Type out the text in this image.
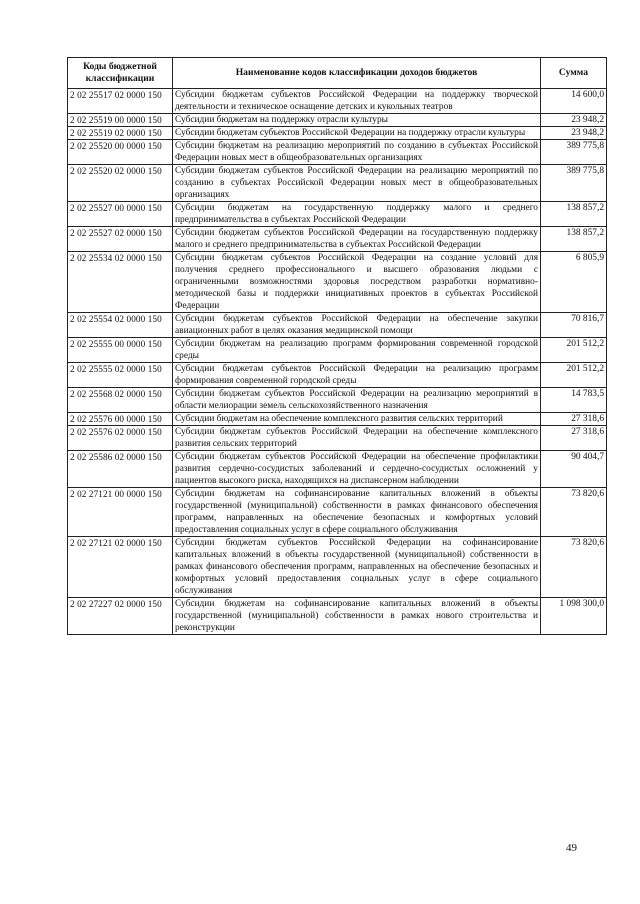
Коды бюджетной классификации	Наименование кодов классификации доходов бюджетов	Сумма
2 02 25517 02 0000 150	Субсидии бюджетам субъектов Российской Федерации на поддержку творческой деятельности и техническое оснащение детских и кукольных театров	14 600,0
2 02 25519 00 0000 150	Субсидии бюджетам на поддержку отрасли культуры	23 948,2
2 02 25519 02 0000 150	Субсидии бюджетам субъектов Российской Федерации на поддержку отрасли культуры	23 948,2
2 02 25520 00 0000 150	Субсидии бюджетам на реализацию мероприятий по созданию в субъектах Российской Федерации новых мест в общеобразовательных организациях	389 775,8
2 02 25520 02 0000 150	Субсидии бюджетам субъектов Российской Федерации на реализацию мероприятий по созданию в субъектах Российской Федерации новых мест в общеобразовательных организациях	389 775,8
2 02 25527 00 0000 150	Субсидии бюджетам на государственную поддержку малого и среднего предпринимательства в субъектах Российской Федерации	138 857,2
2 02 25527 02 0000 150	Субсидии бюджетам субъектов Российской Федерации на государственную поддержку малого и среднего предпринимательства в субъектах Российской Федерации	138 857,2
2 02 25534 02 0000 150	Субсидии бюджетам субъектов Российской Федерации на создание условий для получения среднего профессионального и высшего образования людьми с ограниченными возможностями здоровья посредством разработки нормативно-методической базы и поддержки инициативных проектов в субъектах Российской Федерации	6 805,9
2 02 25554 02 0000 150	Субсидии бюджетам субъектов Российской Федерации на обеспечение закупки авиационных работ в целях оказания медицинской помощи	70 816,7
2 02 25555 00 0000 150	Субсидии бюджетам на реализацию программ формирования современной городской среды	201 512,2
2 02 25555 02 0000 150	Субсидии бюджетам субъектов Российской Федерации на реализацию программ формирования современной городской среды	201 512,2
2 02 25568 02 0000 150	Субсидии бюджетам субъектов Российской Федерации на реализацию мероприятий в области мелиорации земель сельскохозяйственного назначения	14 783,5
2 02 25576 00 0000 150	Субсидии бюджетам на обеспечение комплексного развития сельских территорий	27 318,6
2 02 25576 02 0000 150	Субсидии бюджетам субъектов Российской Федерации на обеспечение комплексного развития сельских территорий	27 318,6
2 02 25586 02 0000 150	Субсидии бюджетам субъектов Российской Федерации на обеспечение профилактики развития сердечно-сосудистых заболеваний и сердечно-сосудистых осложнений у пациентов высокого риска, находящихся на диспансерном наблюдении	90 404,7
2 02 27121 00 0000 150	Субсидии бюджетам на софинансирование капитальных вложений в объекты государственной (муниципальной) собственности в рамках финансового обеспечения программ, направленных на обеспечение безопасных и комфортных условий предоставления социальных услуг в сфере социального обслуживания	73 820,6
2 02 27121 02 0000 150	Субсидии бюджетам субъектов Российской Федерации на софинансирование капитальных вложений в объекты государственной (муниципальной) собственности в рамках финансового обеспечения программ, направленных на обеспечение безопасных и комфортных условий предоставления социальных услуг в сфере социального обслуживания	73 820,6
2 02 27227 02 0000 150	Субсидии бюджетам на софинансирование капитальных вложений в объекты государственной (муниципальной) собственности в рамках нового строительства и реконструкции	1 098 300,0
49
